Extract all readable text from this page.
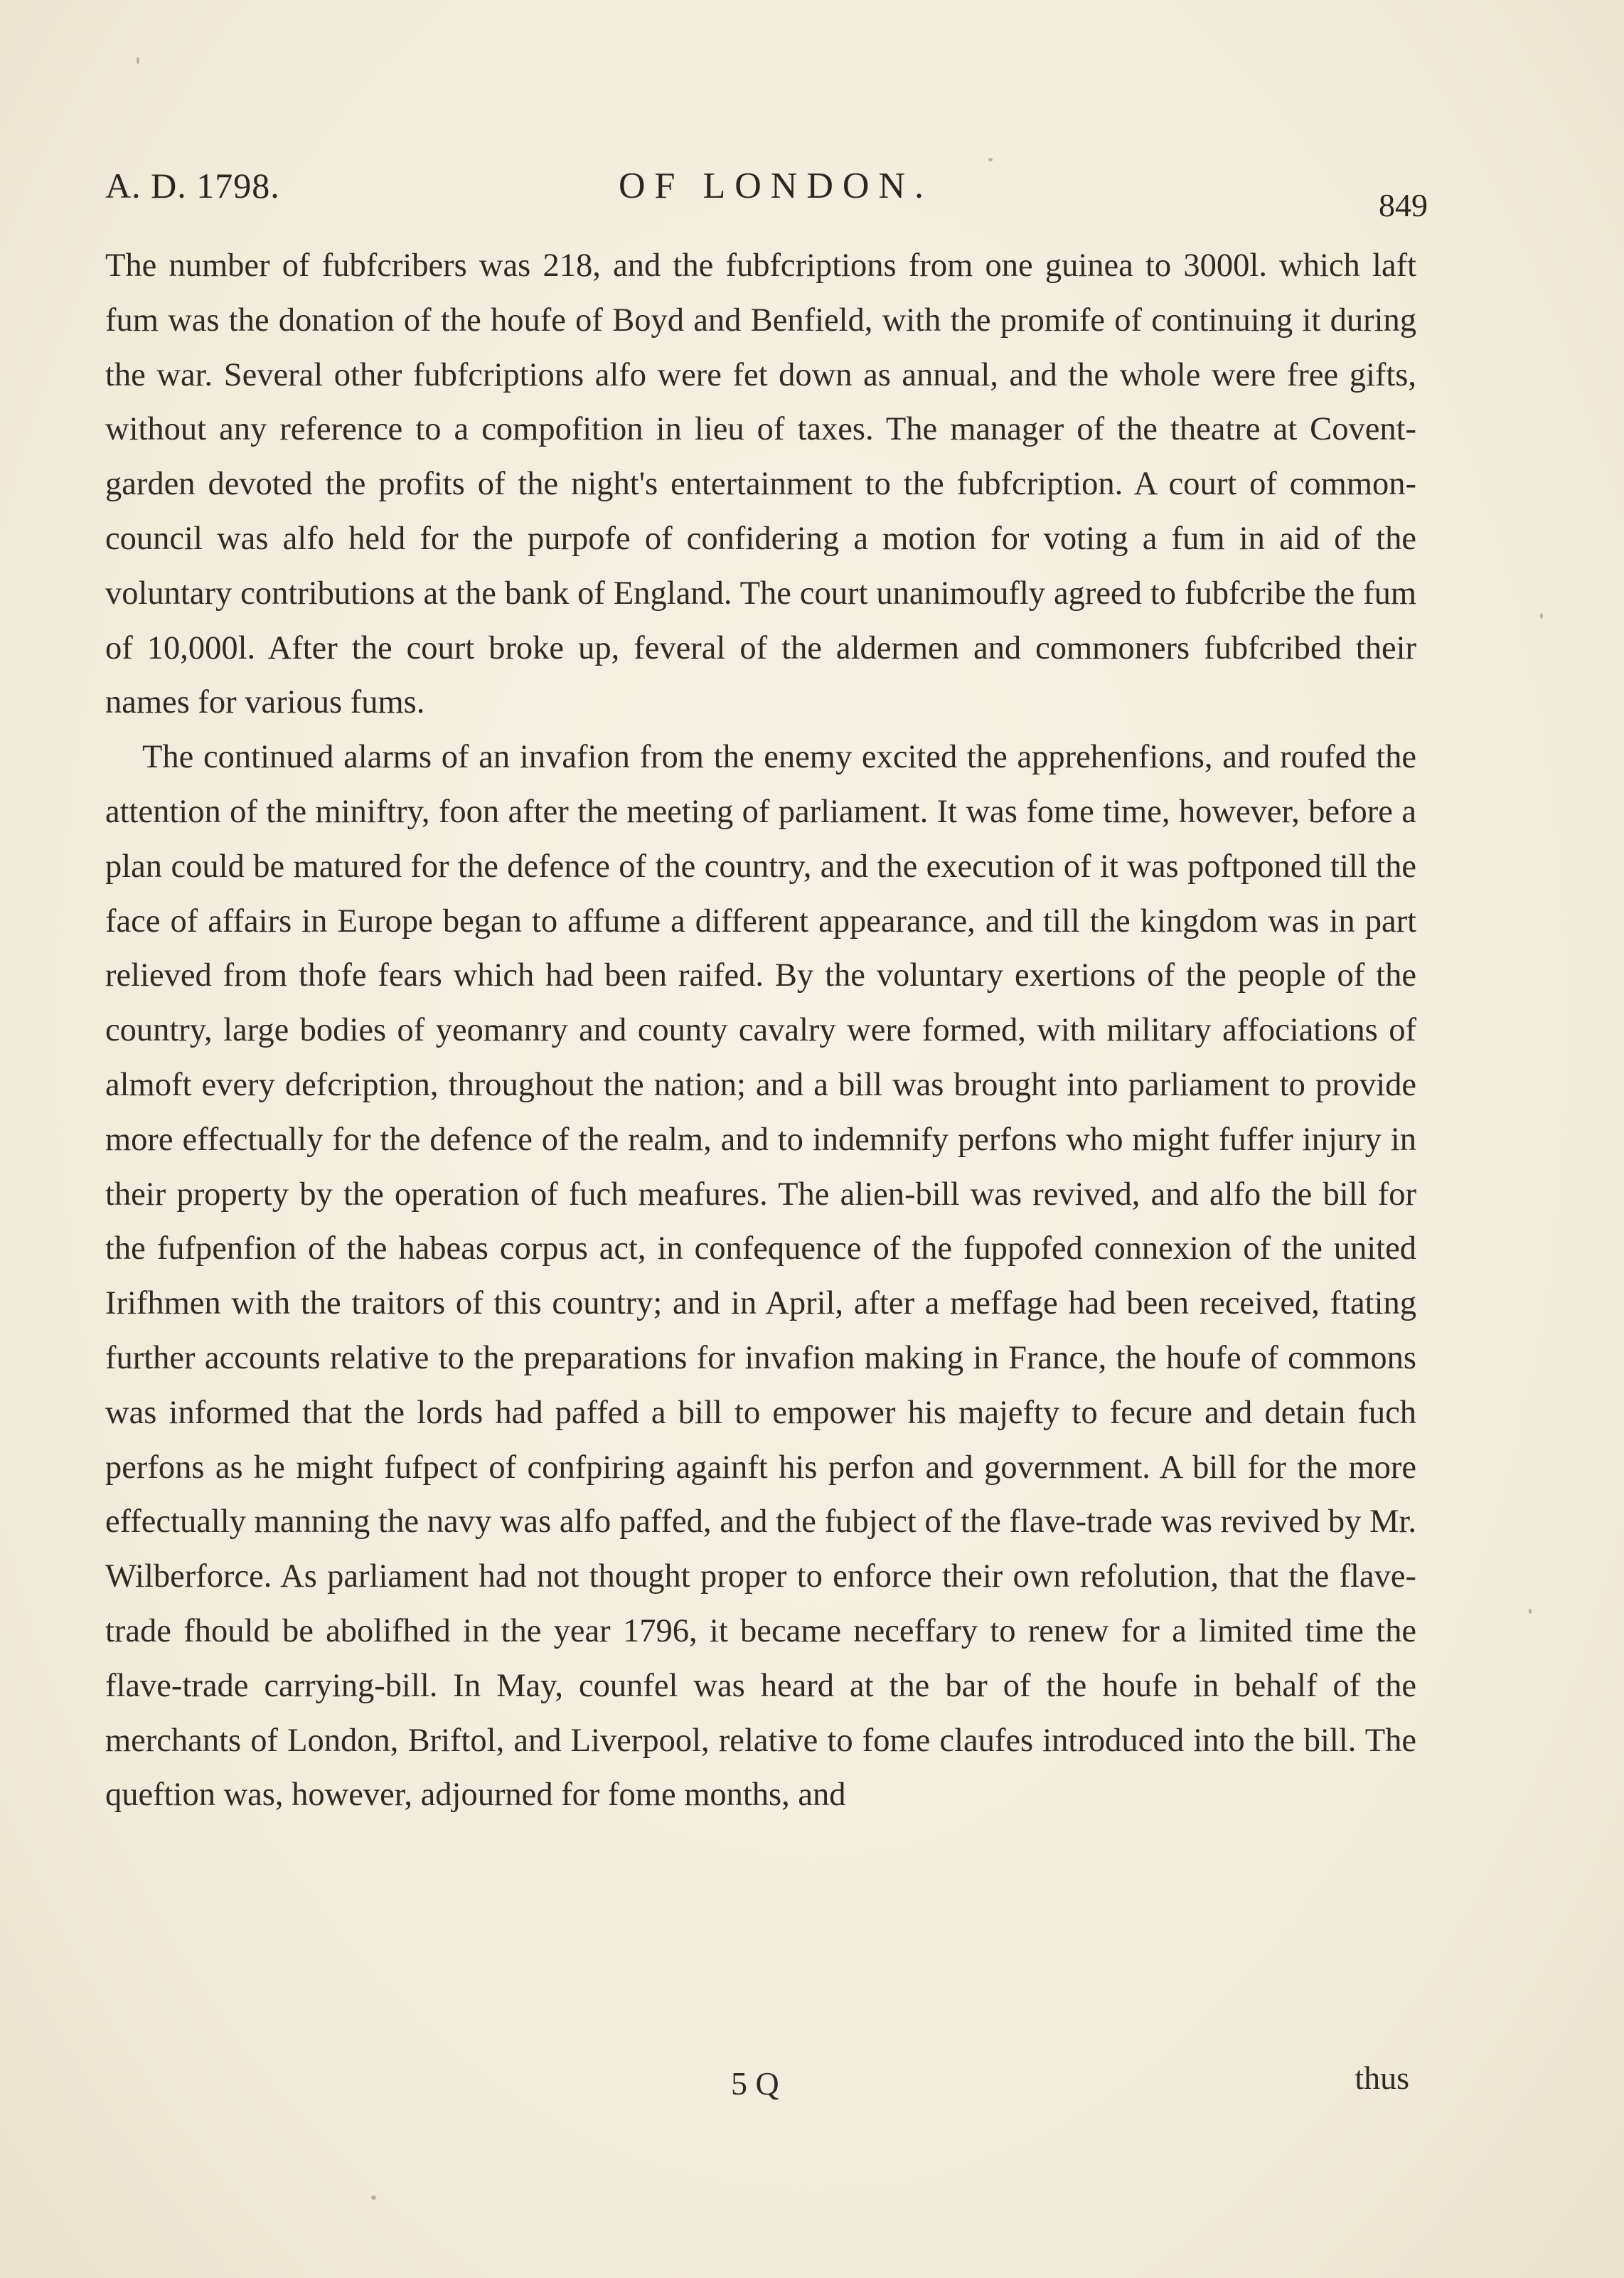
A. D. 1798.	OF LONDON.	849

The number of fubfcribers was 218, and the fubfcriptions from one guinea to 3000l. which laft fum was the donation of the houfe of Boyd and Benfield, with the promife of continuing it during the war. Several other fubfcriptions alfo were fet down as annual, and the whole were free gifts, without any reference to a compofition in lieu of taxes. The manager of the theatre at Covent-garden devoted the profits of the night's entertainment to the fubfcription. A court of common-council was alfo held for the purpofe of confidering a motion for voting a fum in aid of the voluntary contributions at the bank of England. The court unanimoufly agreed to fubfcribe the fum of 10,000l. After the court broke up, feveral of the aldermen and commoners fubfcribed their names for various fums.

The continued alarms of an invafion from the enemy excited the apprehenfions, and roufed the attention of the miniftry, foon after the meeting of parliament. It was fome time, however, before a plan could be matured for the defence of the country, and the execution of it was poftponed till the face of affairs in Europe began to affume a different appearance, and till the kingdom was in part relieved from thofe fears which had been raifed. By the voluntary exertions of the people of the country, large bodies of yeomanry and county cavalry were formed, with military affociations of almoft every defcription, throughout the nation; and a bill was brought into parliament to provide more effectually for the defence of the realm, and to indemnify perfons who might fuffer injury in their property by the operation of fuch meafures. The alien-bill was revived, and alfo the bill for the fufpenfion of the habeas corpus act, in confequence of the fuppofed connexion of the united Irifhmen with the traitors of this country; and in April, after a meffage had been received, ftating further accounts relative to the preparations for invafion making in France, the houfe of commons was informed that the lords had paffed a bill to empower his majefty to fecure and detain fuch perfons as he might fufpect of confpiring againft his perfon and government. A bill for the more effectually manning the navy was alfo paffed, and the fubject of the flave-trade was revived by Mr. Wilberforce. As parliament had not thought proper to enforce their own refolution, that the flave-trade fhould be abolifhed in the year 1796, it became neceffary to renew for a limited time the flave-trade carrying-bill. In May, counfel was heard at the bar of the houfe in behalf of the merchants of London, Briftol, and Liverpool, relative to fome claufes introduced into the bill. The queftion was, however, adjourned for fome months, and

5 Q	thus
